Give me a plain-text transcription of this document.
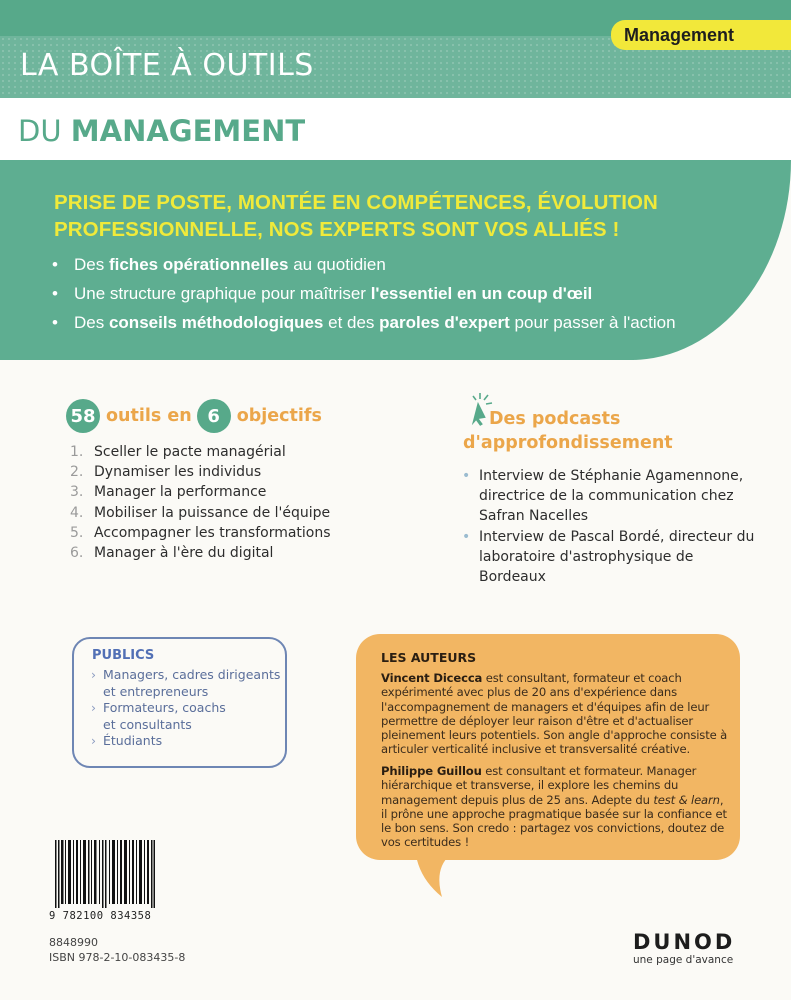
Management
LA BOÎTE À OUTILS
DU MANAGEMENT

PRISE DE POSTE, MONTÉE EN COMPÉTENCES, ÉVOLUTION PROFESSIONNELLE, NOS EXPERTS SONT VOS ALLIÉS !

• Des fiches opérationnelles au quotidien
• Une structure graphique pour maîtriser l'essentiel en un coup d'œil
• Des conseils méthodologiques et des paroles d'expert pour passer à l'action
58 outils en 6 objectifs
1. Sceller le pacte managérial
2. Dynamiser les individus
3. Manager la performance
4. Mobiliser la puissance de l'équipe
5. Accompagner les transformations
6. Manager à l'ère du digital
Des podcasts
d'approfondissement
• Interview de Stéphanie Agamennone, directrice de la communication chez Safran Nacelles
• Interview de Pascal Bordé, directeur du laboratoire d'astrophysique de Bordeaux
PUBLICS
› Managers, cadres dirigeants et entrepreneurs
› Formateurs, coachs et consultants
› Étudiants
LES AUTEURS

Vincent Dicecca est consultant, formateur et coach expérimenté avec plus de 20 ans d'expérience dans l'accompagnement de managers et d'équipes afin de leur permettre de déployer leur raison d'être et d'actualiser pleinement leurs potentiels. Son angle d'approche consiste à articuler verticalité inclusive et transversalité créative.

Philippe Guillou est consultant et formateur. Manager hiérarchique et transverse, il explore les chemins du management depuis plus de 25 ans. Adepte du test & learn, il prône une approche pragmatique basée sur la confiance et le bon sens. Son credo : partagez vos convictions, doutez de vos certitudes !

9 782100 834358
8848990
ISBN 978-2-10-083435-8
DUNOD
une page d'avance
